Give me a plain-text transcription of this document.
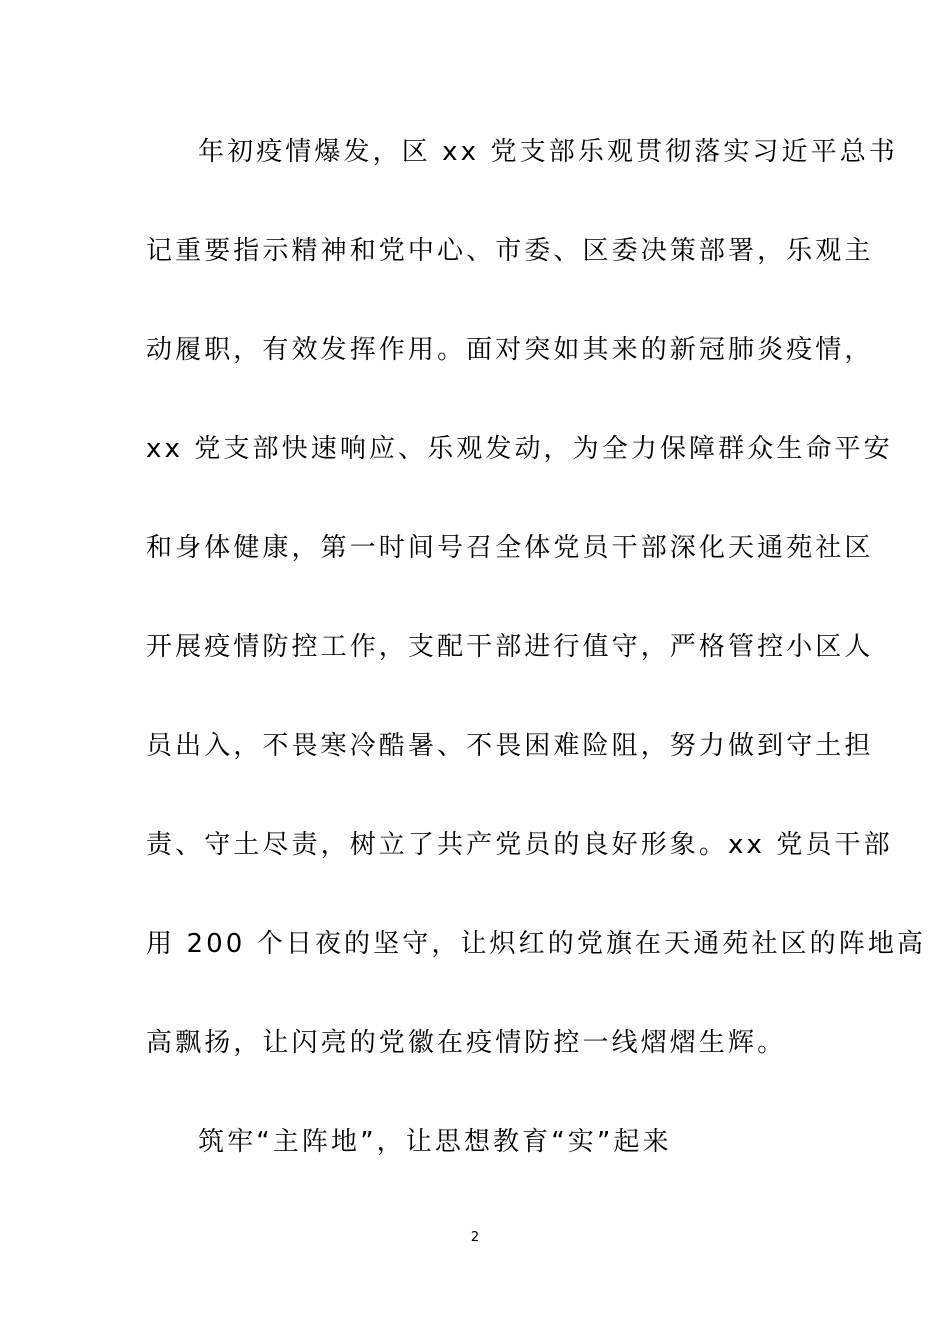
年初疫情爆发，区 xx 党支部乐观贯彻落实习近平总书
记重要指示精神和党中心、市委、区委决策部署，乐观主
动履职，有效发挥作用。面对突如其来的新冠肺炎疫情，
xx 党支部快速响应、乐观发动，为全力保障群众生命平安
和身体健康，第一时间号召全体党员干部深化天通苑社区
开展疫情防控工作，支配干部进行值守，严格管控小区人
员出入，不畏寒冷酷暑、不畏困难险阻，努力做到守土担
责、守土尽责，树立了共产党员的良好形象。xx 党员干部
用 200 个日夜的坚守，让炽红的党旗在天通苑社区的阵地高
高飘扬，让闪亮的党徽在疫情防控一线熠熠生辉。
筑牢“主阵地”，让思想教育“实”起来
2
